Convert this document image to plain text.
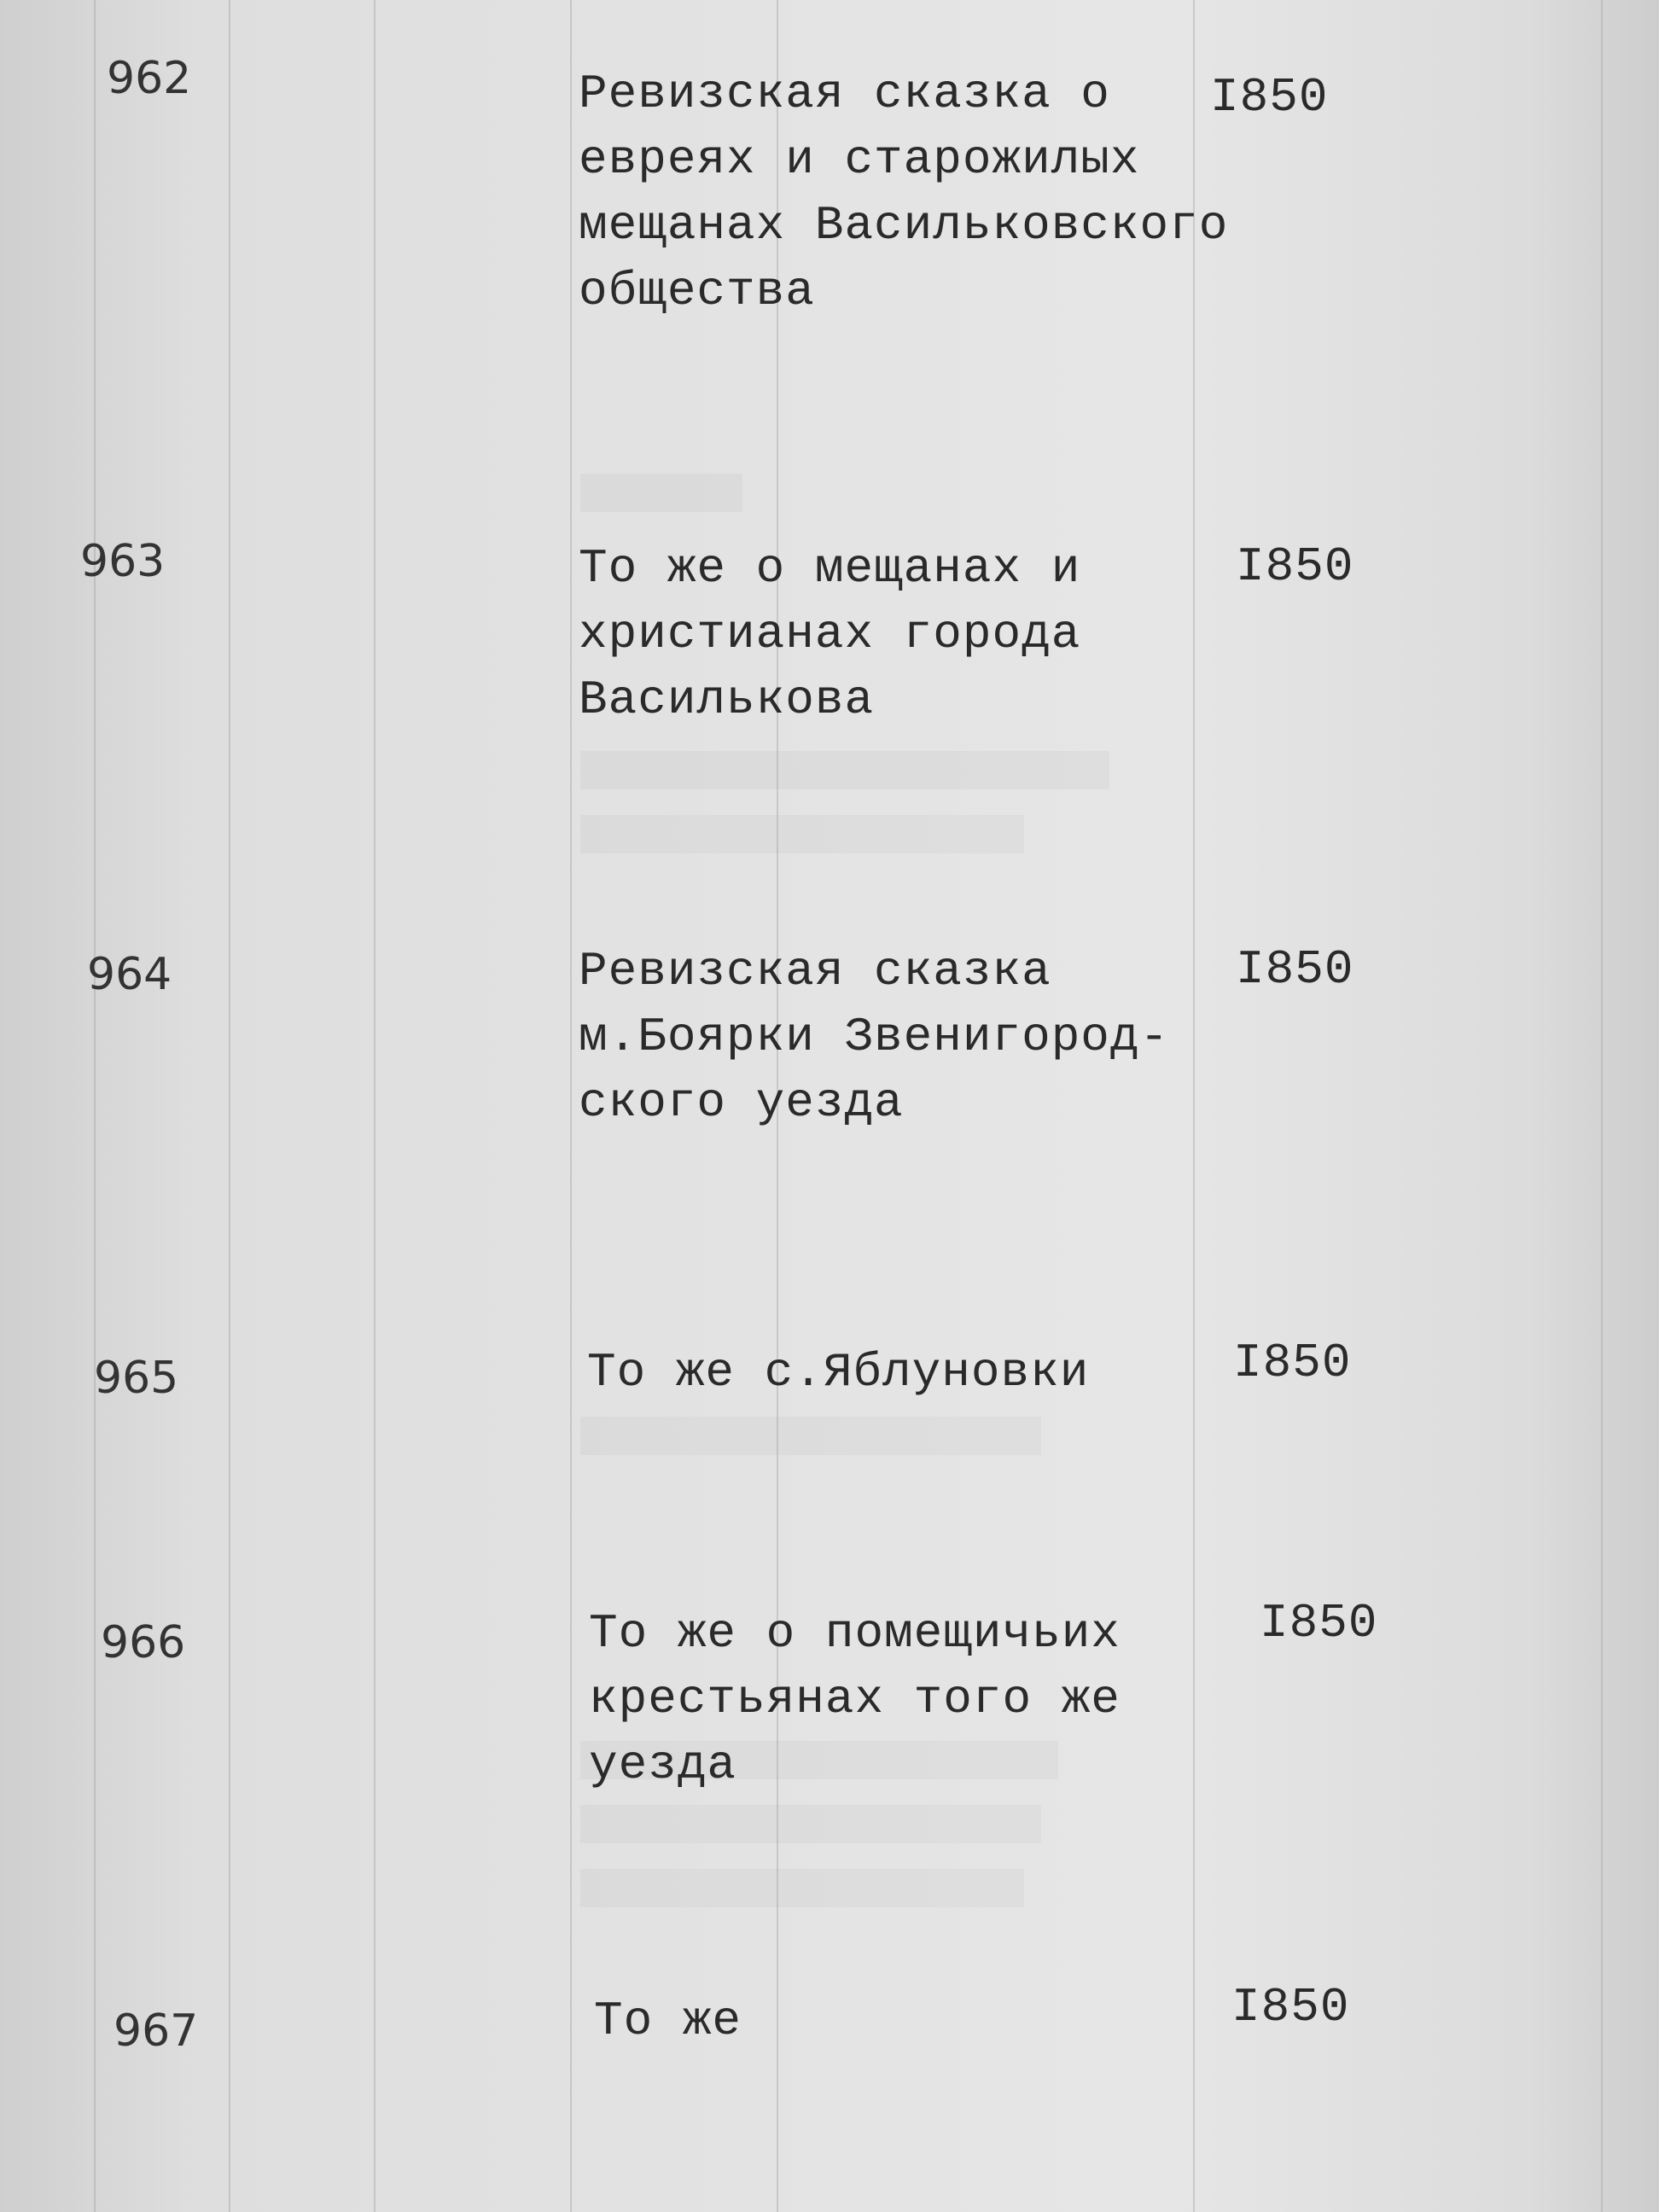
962	Ревизская сказка о
евреях и старожилых
мещанах Васильковского
общества
I850
963	То же о мещанах и
христианах города
Василькова
I850
964	Ревизская сказка
м.Боярки Звенигород-
ского уезда
I850
965	То же с.Яблуновки	I850
966	То же о помещичьих
крестьянах того же
уезда
I850
967	То же	I850
